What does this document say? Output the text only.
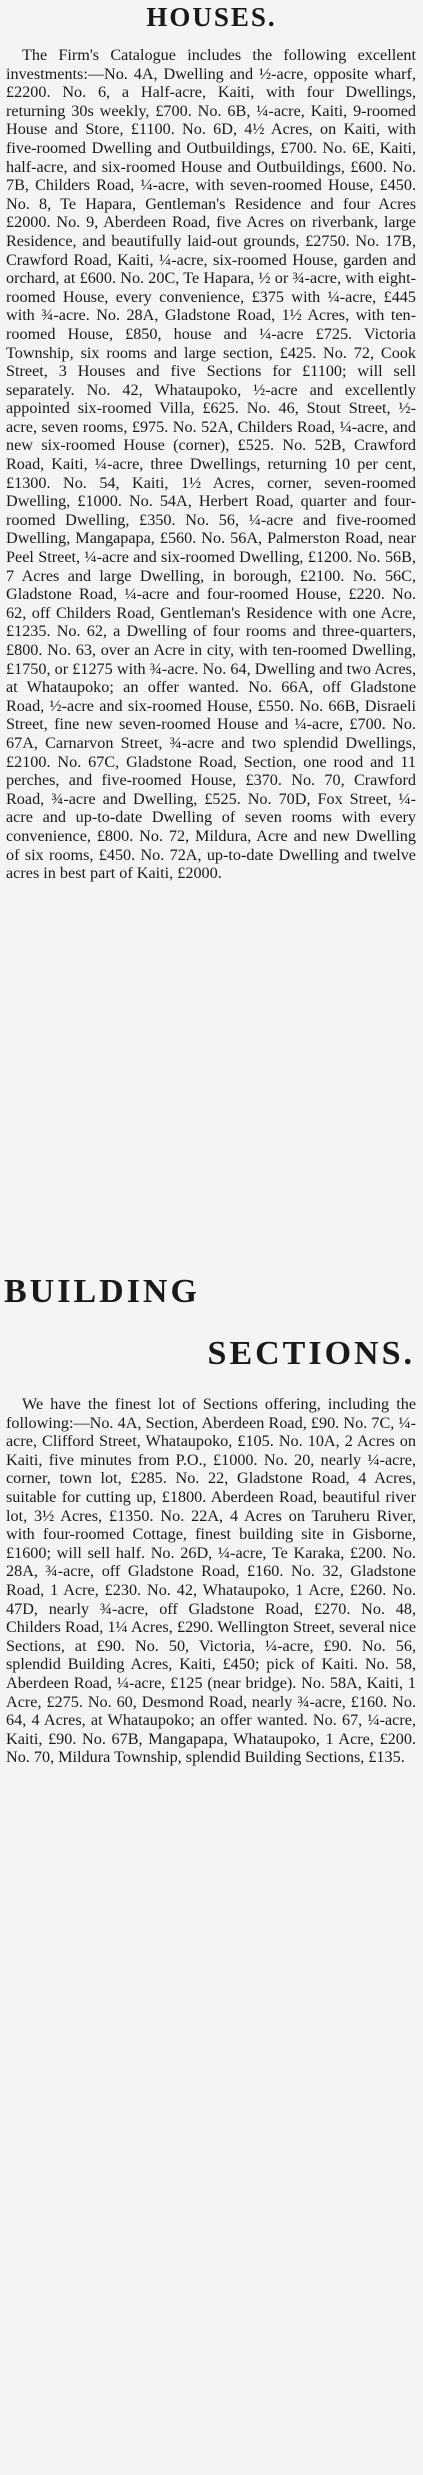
HOUSES.

The Firm's Catalogue includes the following excellent investments:—No. 4A, Dwelling and ½-acre, opposite wharf, £2200. No. 6, a Half-acre, Kaiti, with four Dwellings, returning 30s weekly, £700. No. 6B, ¼-acre, Kaiti, 9-roomed House and Store, £1100. No. 6D, 4½ Acres, on Kaiti, with five-roomed Dwelling and Outbuildings, £700. No. 6E, Kaiti, half-acre, and six-roomed House and Outbuildings, £600. No. 7B, Childers Road, ¼-acre, with seven-roomed House, £450. No. 8, Te Hapara, Gentleman's Residence and four Acres £2000. No. 9, Aberdeen Road, five Acres on riverbank, large Residence, and beautifully laid-out grounds, £2750. No. 17B, Crawford Road, Kaiti, ¼-acre, six-roomed House, garden and orchard, at £600. No. 20C, Te Hapara, ½ or ¾-acre, with eight-roomed House, every convenience, £375 with ¼-acre, £445 with ¾-acre. No. 28A, Gladstone Road, 1½ Acres, with ten-roomed House, £850, house and ¼-acre £725. Victoria Township, six rooms and large section, £425. No. 72, Cook Street, 3 Houses and five Sections for £1100; will sell separately. No. 42, Whataupoko, ½-acre and excellently appointed six-roomed Villa, £625. No. 46, Stout Street, ½-acre, seven rooms, £975. No. 52A, Childers Road, ¼-acre, and new six-roomed House (corner), £525. No. 52B, Crawford Road, Kaiti, ¼-acre, three Dwellings, returning 10 per cent, £1300. No. 54, Kaiti, 1½ Acres, corner, seven-roomed Dwelling, £1000. No. 54A, Herbert Road, quarter and four-roomed Dwelling, £350. No. 56, ¼-acre and five-roomed Dwelling, Mangapapa, £560. No. 56A, Palmerston Road, near Peel Street, ¼-acre and six-roomed Dwelling, £1200. No. 56B, 7 Acres and large Dwelling, in borough, £2100. No. 56C, Gladstone Road, ¼-acre and four-roomed House, £220. No. 62, off Childers Road, Gentleman's Residence with one Acre, £1235. No. 62, a Dwelling of four rooms and three-quarters, £800. No. 63, over an Acre in city, with ten-roomed Dwelling, £1750, or £1275 with ¾-acre. No. 64, Dwelling and two Acres, at Whataupoko; an offer wanted. No. 66A, off Gladstone Road, ½-acre and six-roomed House, £550. No. 66B, Disraeli Street, fine new seven-roomed House and ¼-acre, £700. No. 67A, Carnarvon Street, ¾-acre and two splendid Dwellings, £2100. No. 67C, Gladstone Road, Section, one rood and 11 perches, and five-roomed House, £370. No. 70, Crawford Road, ¾-acre and Dwelling, £525. No. 70D, Fox Street, ¼-acre and up-to-date Dwelling of seven rooms with every convenience, £800. No. 72, Mildura, Acre and new Dwelling of six rooms, £450. No. 72A, up-to-date Dwelling and twelve acres in best part of Kaiti, £2000.

BUILDING
SECTIONS.

We have the finest lot of Sections offering, including the following:—No. 4A, Section, Aberdeen Road, £90. No. 7C, ¼-acre, Clifford Street, Whataupoko, £105. No. 10A, 2 Acres on Kaiti, five minutes from P.O., £1000. No. 20, nearly ¼-acre, corner, town lot, £285. No. 22, Gladstone Road, 4 Acres, suitable for cutting up, £1800. Aberdeen Road, beautiful river lot, 3½ Acres, £1350. No. 22A, 4 Acres on Taruheru River, with four-roomed Cottage, finest building site in Gisborne, £1600; will sell half. No. 26D, ¼-acre, Te Karaka, £200. No. 28A, ¾-acre, off Gladstone Road, £160. No. 32, Gladstone Road, 1 Acre, £230. No. 42, Whataupoko, 1 Acre, £260. No. 47D, nearly ¾-acre, off Gladstone Road, £270. No. 48, Childers Road, 1¼ Acres, £290. Wellington Street, several nice Sections, at £90. No. 50, Victoria, ¼-acre, £90. No. 56, splendid Building Acres, Kaiti, £450; pick of Kaiti. No. 58, Aberdeen Road, ¼-acre, £125 (near bridge). No. 58A, Kaiti, 1 Acre, £275. No. 60, Desmond Road, nearly ¾-acre, £160. No. 64, 4 Acres, at Whataupoko; an offer wanted. No. 67, ¼-acre, Kaiti, £90. No. 67B, Mangapapa, Whataupoko, 1 Acre, £200. No. 70, Mildura Township, splendid Building Sections, £135.
